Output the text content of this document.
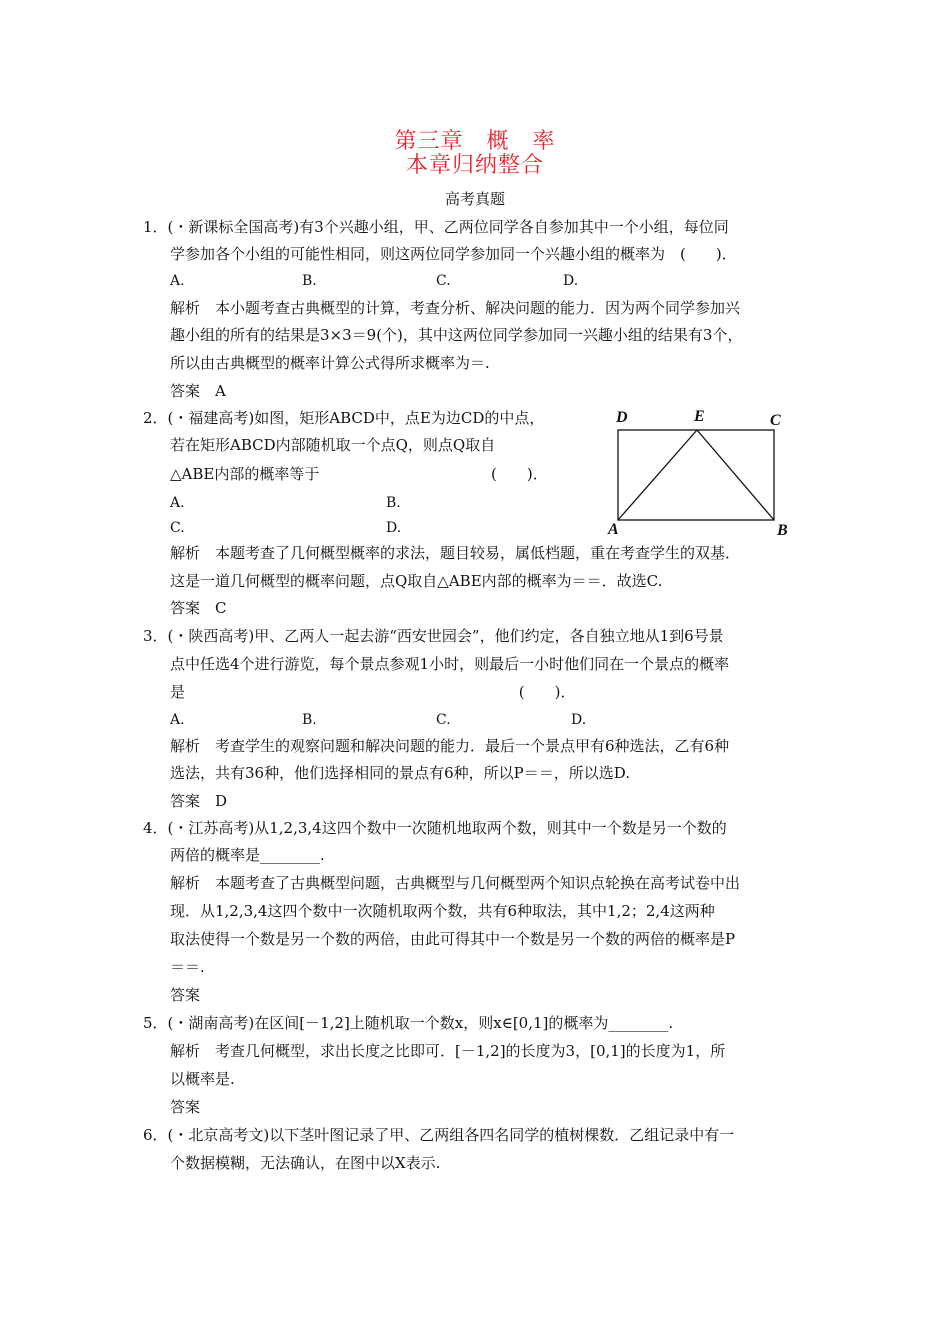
第三章　概　率
本章归纳整合
高考真题
1．(・新课标全国高考)有3个兴趣小组，甲、乙两位同学各自参加其中一个小组，每位同
学参加各个小组的可能性相同，则这两位同学参加同一个兴趣小组的概率为　(　　)．
A.	B.	C.	D.
解析　本小题考查古典概型的计算，考查分析、解决问题的能力．因为两个同学参加兴
趣小组的所有的结果是3×3＝9(个)，其中这两位同学参加同一兴趣小组的结果有3个，
所以由古典概型的概率计算公式得所求概率为＝.
答案　A
2．(・福建高考)如图，矩形ABCD中，点E为边CD的中点，
若在矩形ABCD内部随机取一个点Q，则点Q取自
△ABE内部的概率等于                                    (　　)．
A.	B.
C.	D.
D	E	C
A	B
解析　本题考查了几何概型概率的求法，题目较易，属低档题，重在考查学生的双基．
这是一道几何概型的概率问题，点Q取自△ABE内部的概率为＝＝．故选C.
答案　C
3．(・陕西高考)甲、乙两人一起去游“西安世园会”，他们约定，各自独立地从1到6号景
点中任选4个进行游览，每个景点参观1小时，则最后一小时他们同在一个景点的概率
是                                                                      (　　)．
A.	B.	C.	D.
解析　考查学生的观察问题和解决问题的能力．最后一个景点甲有6种选法，乙有6种
选法，共有36种，他们选择相同的景点有6种，所以P＝＝，所以选D.
答案　D
4．(・江苏高考)从1,2,3,4这四个数中一次随机地取两个数，则其中一个数是另一个数的
两倍的概率是________.
解析　本题考查了古典概型问题，古典概型与几何概型两个知识点轮换在高考试卷中出
现．从1,2,3,4这四个数中一次随机取两个数，共有6种取法，其中1,2；2,4这两种
取法使得一个数是另一个数的两倍，由此可得其中一个数是另一个数的两倍的概率是P
＝＝.
答案
5．(・湖南高考)在区间[－1,2]上随机取一个数x，则x∈[0,1]的概率为________.
解析　考查几何概型，求出长度之比即可．[－1,2]的长度为3，[0,1]的长度为1，所
以概率是.
答案
6．(・北京高考文)以下茎叶图记录了甲、乙两组各四名同学的植树棵数．乙组记录中有一
个数据模糊，无法确认，在图中以X表示.
